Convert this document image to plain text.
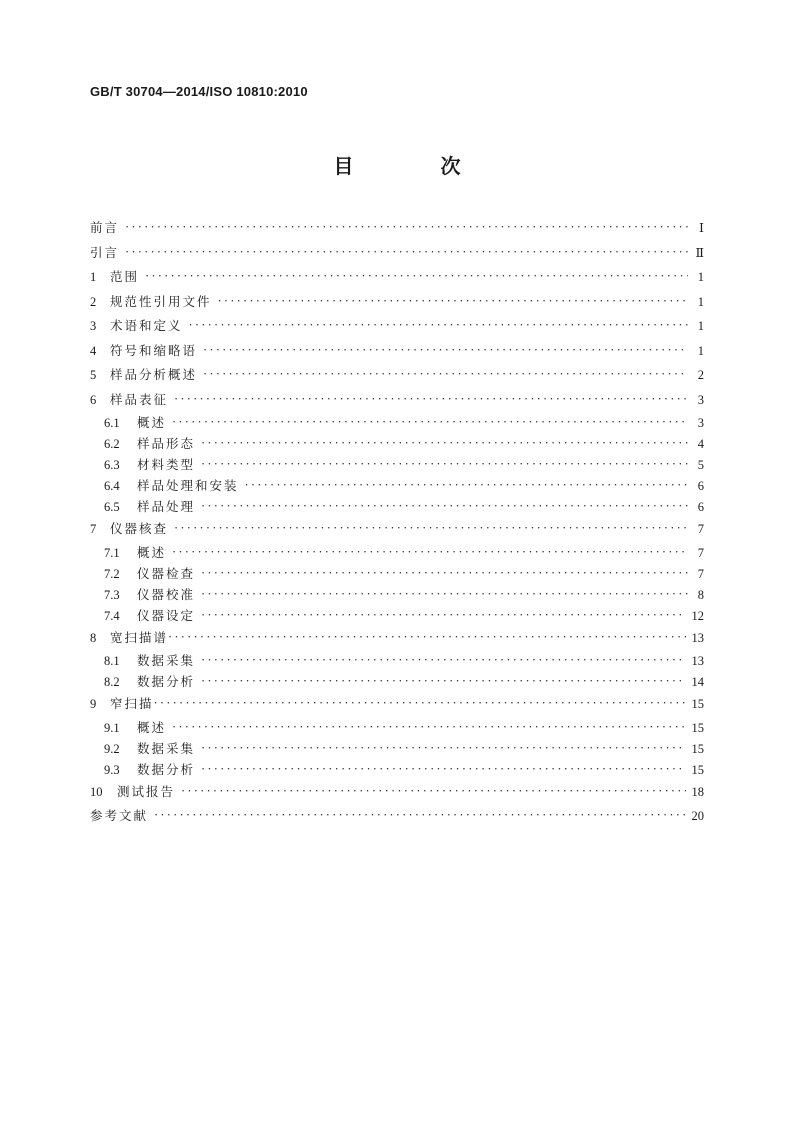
GB/T 30704—2014/ISO 10810:2010
目 次
前言 ·····	Ⅰ
引言 ·····	Ⅱ
1	范围 ·····	1
2	规范性引用文件 ·····	1
3	术语和定义 ·····	1
4	符号和缩略语 ·····	1
5	样品分析概述 ·····	2
6	样品表征 ·····	3
6.1	概述 ·····	3
6.2	样品形态 ·····	4
6.3	材料类型 ·····	5
6.4	样品处理和安装 ·····	6
6.5	样品处理 ·····	6
7	仪器核查 ·····	7
7.1	概述 ·····	7
7.2	仪器检查 ·····	7
7.3	仪器校准 ·····	8
7.4	仪器设定 ·····	12
8	宽扫描谱 ·····	13
8.1	数据采集 ·····	13
8.2	数据分析 ·····	14
9	窄扫描 ·····	15
9.1	概述 ·····	15
9.2	数据采集 ·····	15
9.3	数据分析 ·····	15
10	测试报告 ·····	18
参考文献 ·····	20
